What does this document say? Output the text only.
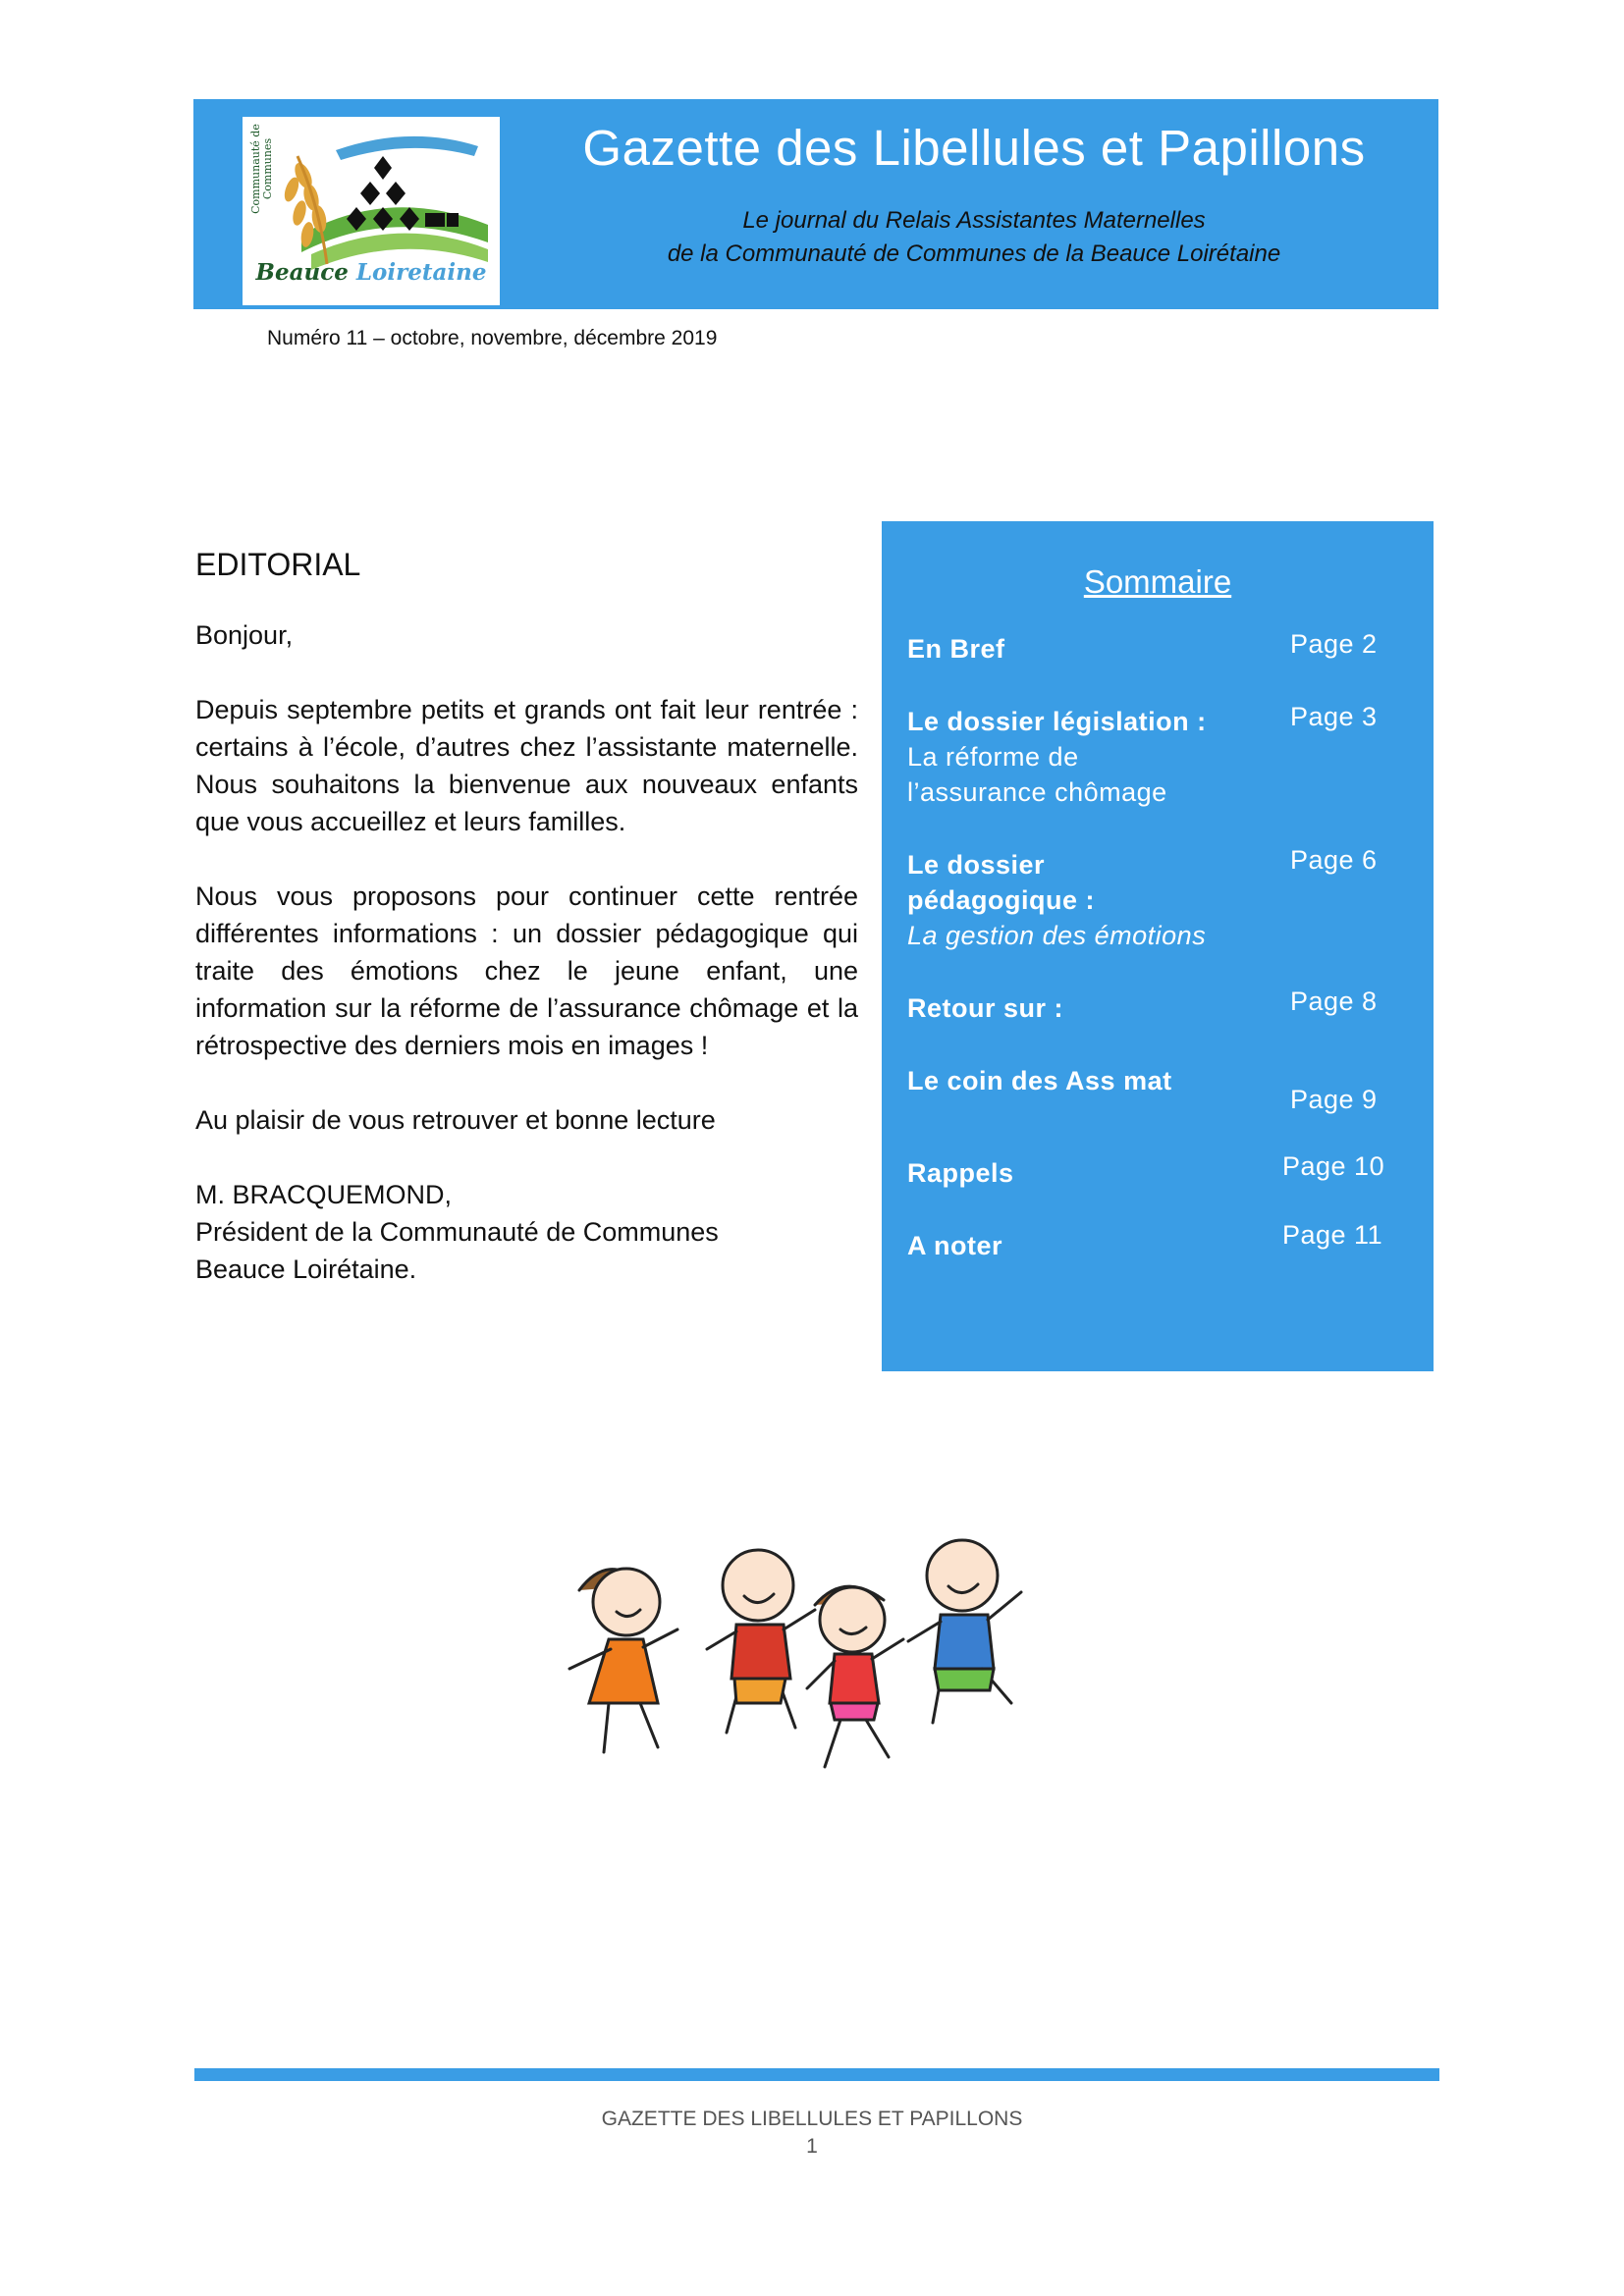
Communauté de Communes
Beauce Loiretaine
Gazette des Libellules et Papillons
Le journal du Relais Assistantes Maternelles
de la Communauté de Communes de la Beauce Loirétaine
Numéro 11 – octobre, novembre, décembre 2019
EDITORIAL

Bonjour,

Depuis septembre petits et grands ont fait leur rentrée : certains à l’école, d’autres chez l’assistante maternelle. Nous souhaitons la bienvenue aux nouveaux enfants que vous accueillez et leurs familles.

Nous vous proposons pour continuer cette rentrée différentes informations : un dossier pédagogique qui traite des émotions chez le jeune enfant, une information sur la réforme de l’assurance chômage et la rétrospective des derniers mois en images !

Au plaisir de vous retrouver et bonne lecture

M. BRACQUEMOND,

Président de la Communauté de Communes

Beauce Loirétaine.

Sommaire
En Bref	Page 2
Le dossier législation :
La réforme de
l’assurance chômage
Page 3
Le dossier
pédagogique :
La gestion des émotions
Page 6
Retour sur :	Page 8
Le coin des Ass mat
Page 9
Rappels	Page 10
A noter	Page 11
GAZETTE DES LIBELLULES ET PAPILLONS
1
